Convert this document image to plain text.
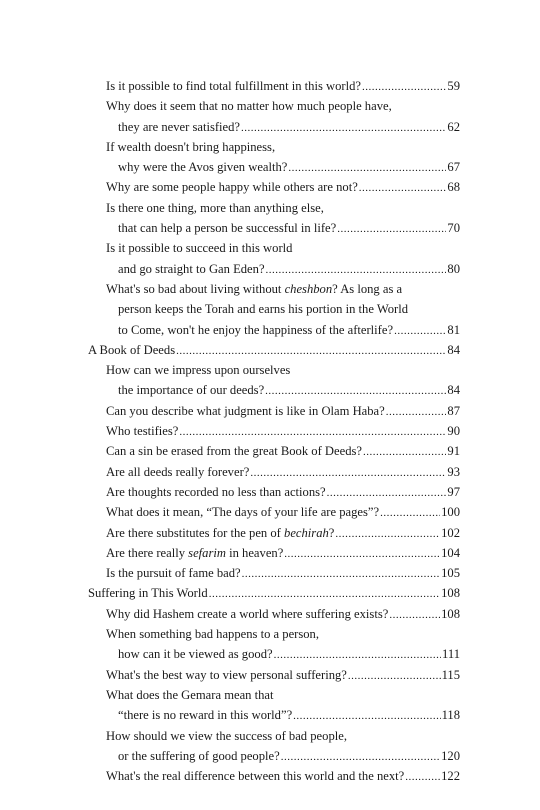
Is it possible to find total fulfillment in this world? .....	59
Why does it seem that no matter how much people have,
they are never satisfied? .....	62
If wealth doesn't bring happiness,
why were the Avos given wealth? .....	67
Why are some people happy while others are not? .....	68
Is there one thing, more than anything else,
that can help a person be successful in life? .....	70
Is it possible to succeed in this world
and go straight to Gan Eden? .....	80
What's so bad about living without cheshbon? As long as a
person keeps the Torah and earns his portion in the World
to Come, won't he enjoy the happiness of the afterlife? .....	81
A Book of Deeds .....	84
How can we impress upon ourselves
the importance of our deeds? .....	84
Can you describe what judgment is like in Olam Haba? .....	87
Who testifies? .....	90
Can a sin be erased from the great Book of Deeds? .....	91
Are all deeds really forever? .....	93
Are thoughts recorded no less than actions? .....	97
What does it mean, “The days of your life are pages”? .....	100
Are there substitutes for the pen of bechirah? .....	102
Are there really sefarim in heaven? .....	104
Is the pursuit of fame bad? .....	105
Suffering in This World .....	108
Why did Hashem create a world where suffering exists? .....	108
When something bad happens to a person,
how can it be viewed as good? .....	111
What's the best way to view personal suffering? .....	115
What does the Gemara mean that
“there is no reward in this world”? .....	118
How should we view the success of bad people,
or the suffering of good people? .....	120
What's the real difference between this world and the next? .....	122
